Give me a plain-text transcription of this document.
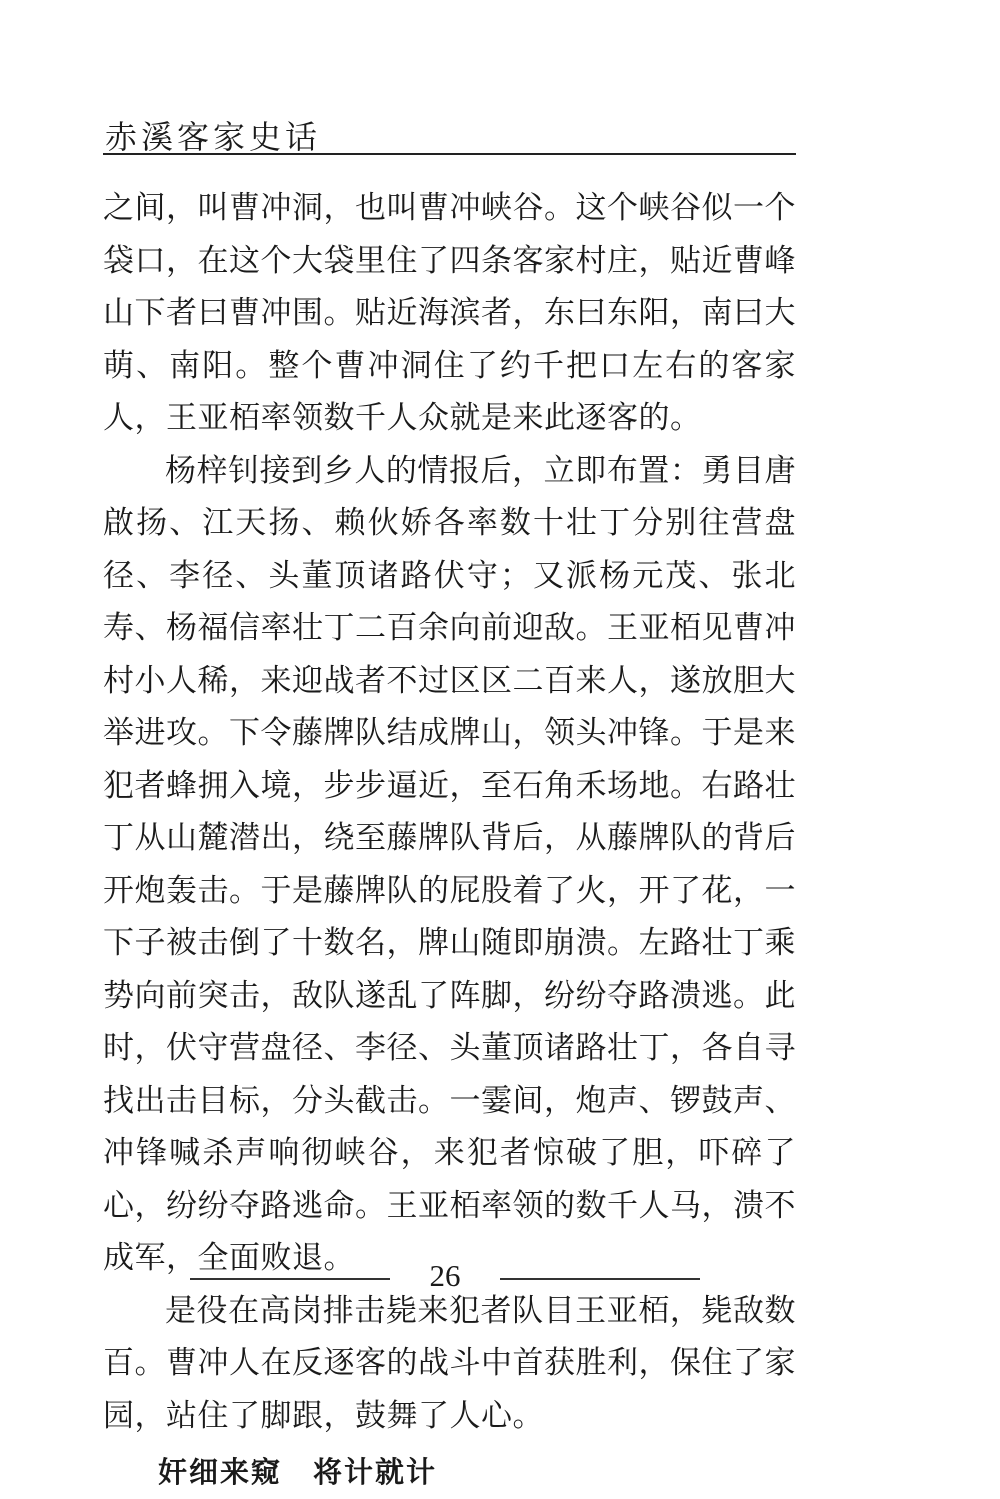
赤溪客家史话

之间，叫曹冲洞，也叫曹冲峡谷。这个峡谷似一个袋口，在这个大袋里住了四条客家村庄，贴近曹峰山下者曰曹冲围。贴近海滨者，东曰东阳，南曰大萌、南阳。整个曹冲洞住了约千把口左右的客家人，王亚栢率领数千人众就是来此逐客的。

杨梓钊接到乡人的情报后，立即布置：勇目唐啟扬、江天扬、赖伙娇各率数十壮丁分别往营盘径、李径、头董顶诸路伏守；又派杨元茂、张北寿、杨福信率壮丁二百余向前迎敌。王亚栢见曹冲村小人稀，来迎战者不过区区二百来人，遂放胆大举进攻。下令藤牌队结成牌山，领头冲锋。于是来犯者蜂拥入境，步步逼近，至石角禾场地。右路壮丁从山麓潜出，绕至藤牌队背后，从藤牌队的背后开炮轰击。于是藤牌队的屁股着了火，开了花，一下子被击倒了十数名，牌山随即崩溃。左路壮丁乘势向前突击，敌队遂乱了阵脚，纷纷夺路溃逃。此时，伏守营盘径、李径、头董顶诸路壮丁，各自寻找出击目标，分头截击。一霎间，炮声、锣鼓声、冲锋喊杀声响彻峡谷，来犯者惊破了胆，吓碎了心，纷纷夺路逃命。王亚栢率领的数千人马，溃不成军，全面败退。

是役在高岗排击毙来犯者队目王亚栢，毙敌数百。曹冲人在反逐客的战斗中首获胜利，保住了家园，站住了脚跟，鼓舞了人心。

奸细来窥　将计就计

26
